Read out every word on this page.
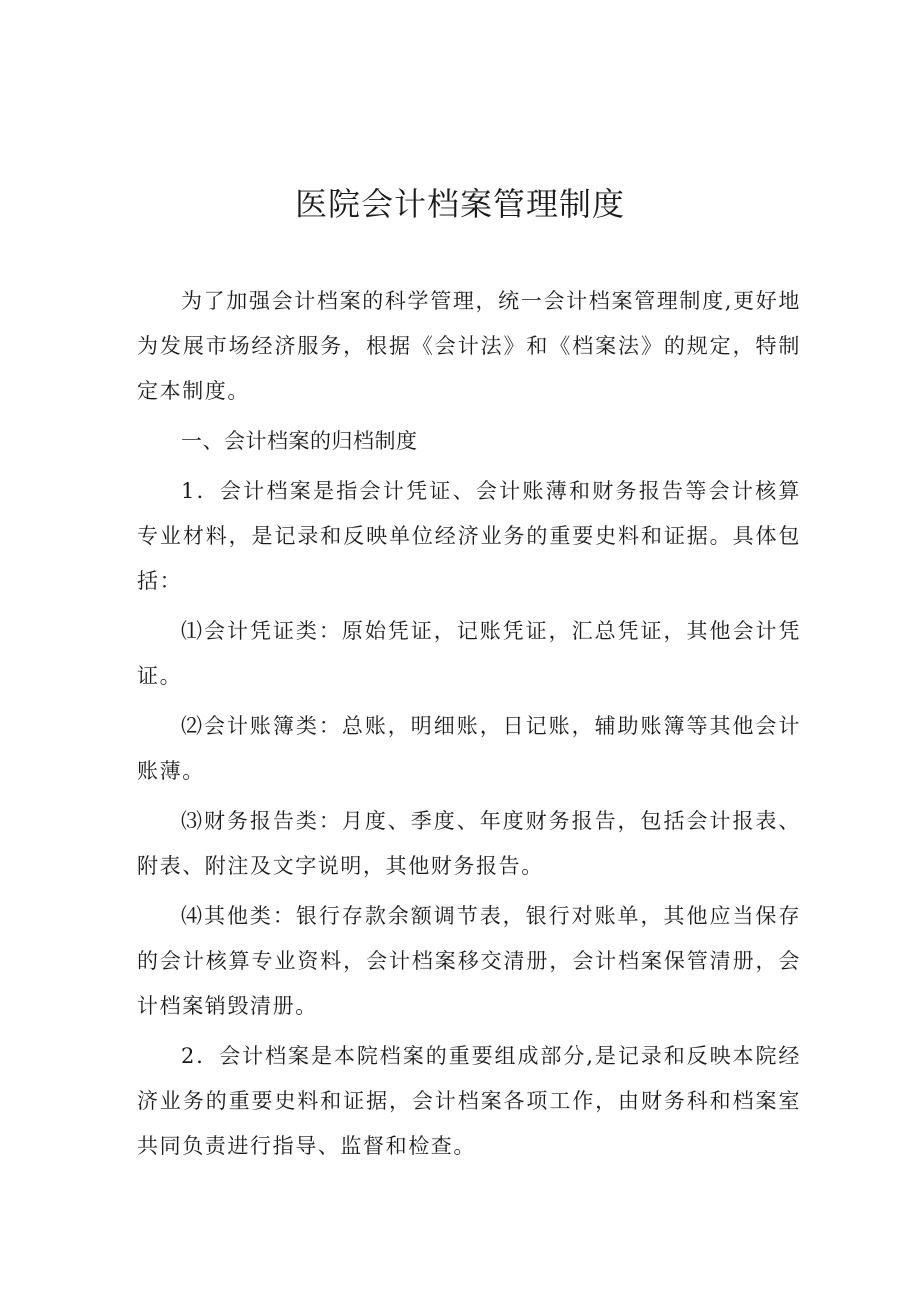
医院会计档案管理制度

为了加强会计档案的科学管理，统一会计档案管理制度,更好地为发展市场经济服务，根据《会计法》和《档案法》的规定，特制定本制度。

一、会计档案的归档制度

1．会计档案是指会计凭证、会计账薄和财务报告等会计核算专业材料，是记录和反映单位经济业务的重要史料和证据。具体包括：

⑴会计凭证类：原始凭证，记账凭证，汇总凭证，其他会计凭证。

⑵会计账簿类：总账，明细账，日记账，辅助账簿等其他会计账薄。

⑶财务报告类：月度、季度、年度财务报告，包括会计报表、附表、附注及文字说明，其他财务报告。

⑷其他类：银行存款余额调节表，银行对账单，其他应当保存的会计核算专业资料，会计档案移交清册，会计档案保管清册，会计档案销毁清册。

2．会计档案是本院档案的重要组成部分,是记录和反映本院经济业务的重要史料和证据，会计档案各项工作，由财务科和档案室共同负责进行指导、监督和检查。
